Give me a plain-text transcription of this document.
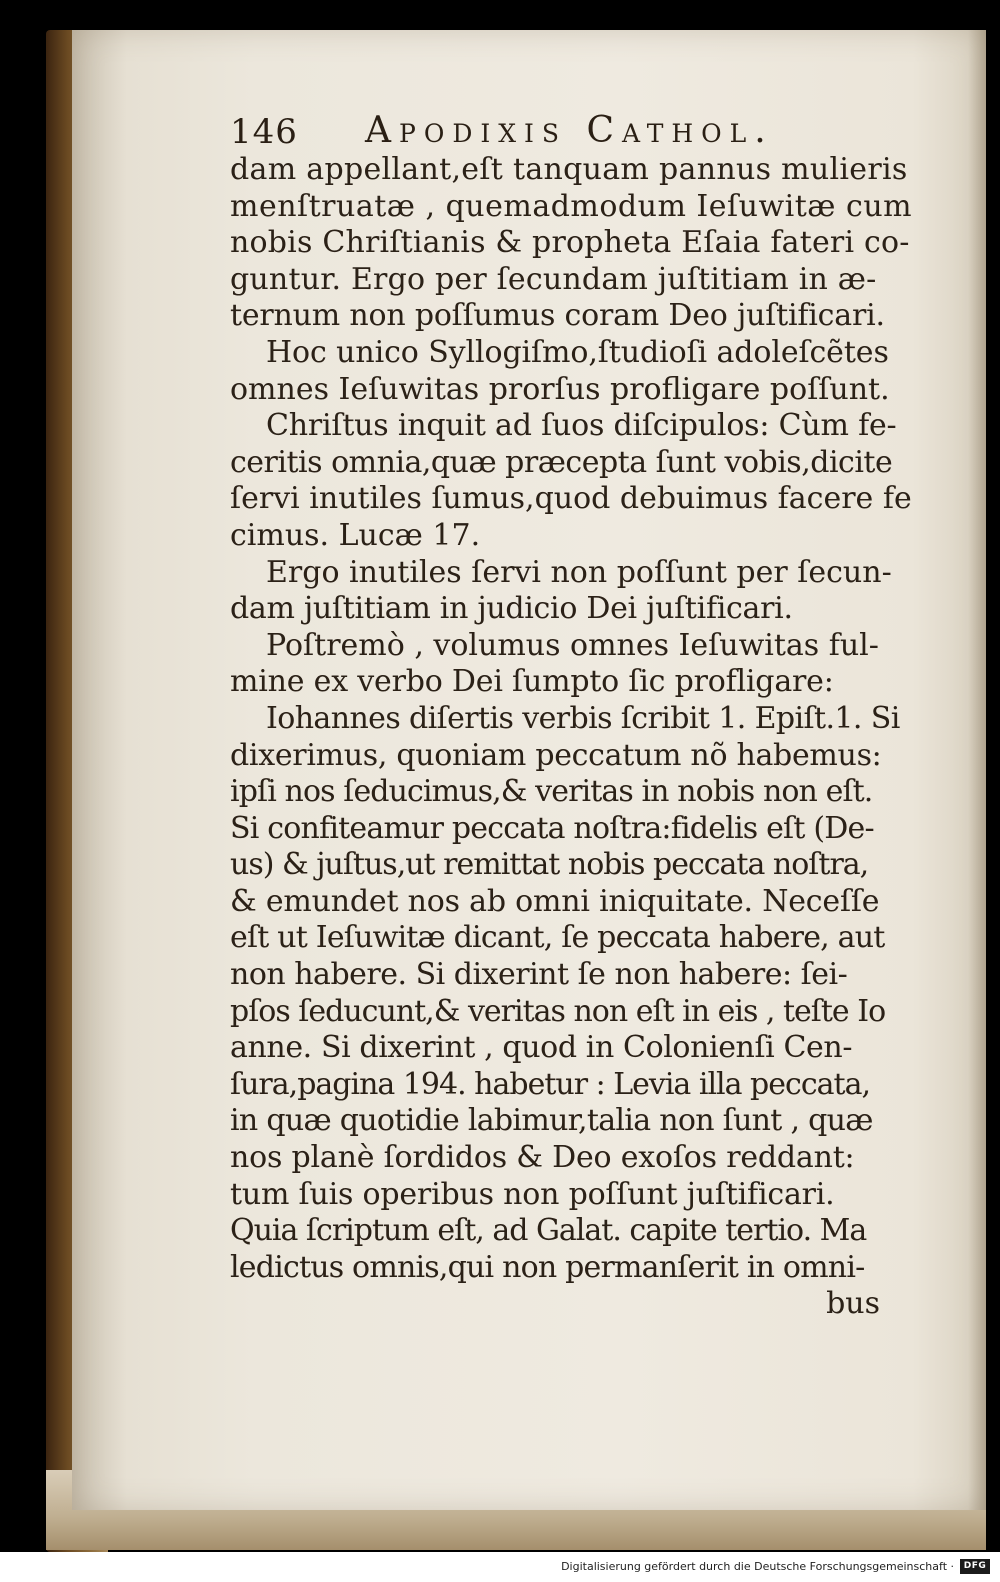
146 Apodixis Cathol.
dam appellant,eſt tanquam pannus mulieris
menſtruatæ , quemadmodum Ieſuwitæ cum
nobis Chriſtianis & propheta Eſaia fateri co-
guntur. Ergo per ſecundam juſtitiam in æ-
ternum non poſſumus coram Deo juſtificari.
Hoc unico Syllogiſmo,ſtudioſi adoleſcẽtes
omnes Ieſuwitas prorſus profligare poſſunt.
Chriſtus inquit ad ſuos diſcipulos: Cùm fe-
ceritis omnia,quæ præcepta ſunt vobis,dicite
ſervi inutiles ſumus,quod debuimus facere fe
cimus. Lucæ 17.
Ergo inutiles ſervi non poſſunt per ſecun-
dam juſtitiam in judicio Dei juſtificari.
Poſtremò , volumus omnes Ieſuwitas ful-
mine ex verbo Dei ſumpto ſic profligare:
Iohannes diſertis verbis ſcribit 1. Epiſt.1. Si
dixerimus, quoniam peccatum nõ habemus:
ipſi nos ſeducimus,& veritas in nobis non eſt.
Si confiteamur peccata noſtra:fidelis eſt (De-
us) & juſtus,ut remittat nobis peccata noſtra,
& emundet nos ab omni iniquitate. Neceſſe
eſt ut Ieſuwitæ dicant, ſe peccata habere, aut
non habere. Si dixerint ſe non habere: ſei-
pſos ſeducunt,& veritas non eſt in eis , teſte Io
anne. Si dixerint , quod in Colonienſi Cen-
ſura,pagina 194. habetur : Levia illa peccata,
in quæ quotidie labimur,talia non ſunt , quæ
nos planè ſordidos & Deo exoſos reddant:
tum ſuis operibus non poſſunt juſtificari.
Quia ſcriptum eſt, ad Galat. capite tertio. Ma
ledictus omnis,qui non permanſerit in omni-
bus
Digitalisierung gefördert durch die Deutsche Forschungsgemeinschaft ·	DFG
